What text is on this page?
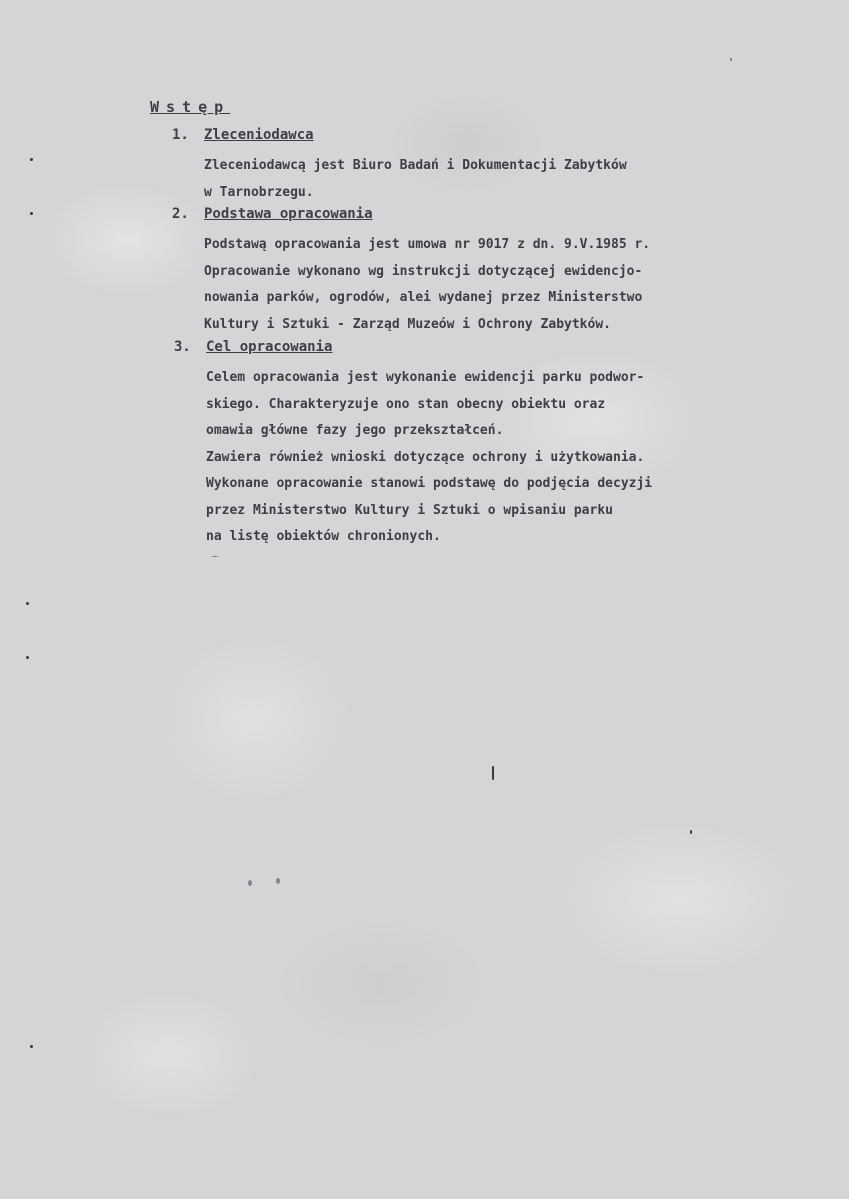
Wstęp
1. Zleceniodawca
Zleceniodawcą jest Biuro Badań i Dokumentacji Zabytków
w Tarnobrzegu.
2. Podstawa opracowania
Podstawą opracowania jest umowa nr 9017 z dn. 9.V.1985 r.
Opracowanie wykonano wg instrukcji dotyczącej ewidencjo-
nowania parków, ogrodów, alei wydanej przez Ministerstwo
Kultury i Sztuki - Zarząd Muzeów i Ochrony Zabytków.
3. Cel opracowania
Celem opracowania jest wykonanie ewidencji parku podwor-
skiego. Charakteryzuje ono stan obecny obiektu oraz
omawia główne fazy jego przekształceń.
Zawiera również wnioski dotyczące ochrony i użytkowania.
Wykonane opracowanie stanowi podstawę do podjęcia decyzji
przez Ministerstwo Kultury i Sztuki o wpisaniu parku
na listę obiektów chronionych.
